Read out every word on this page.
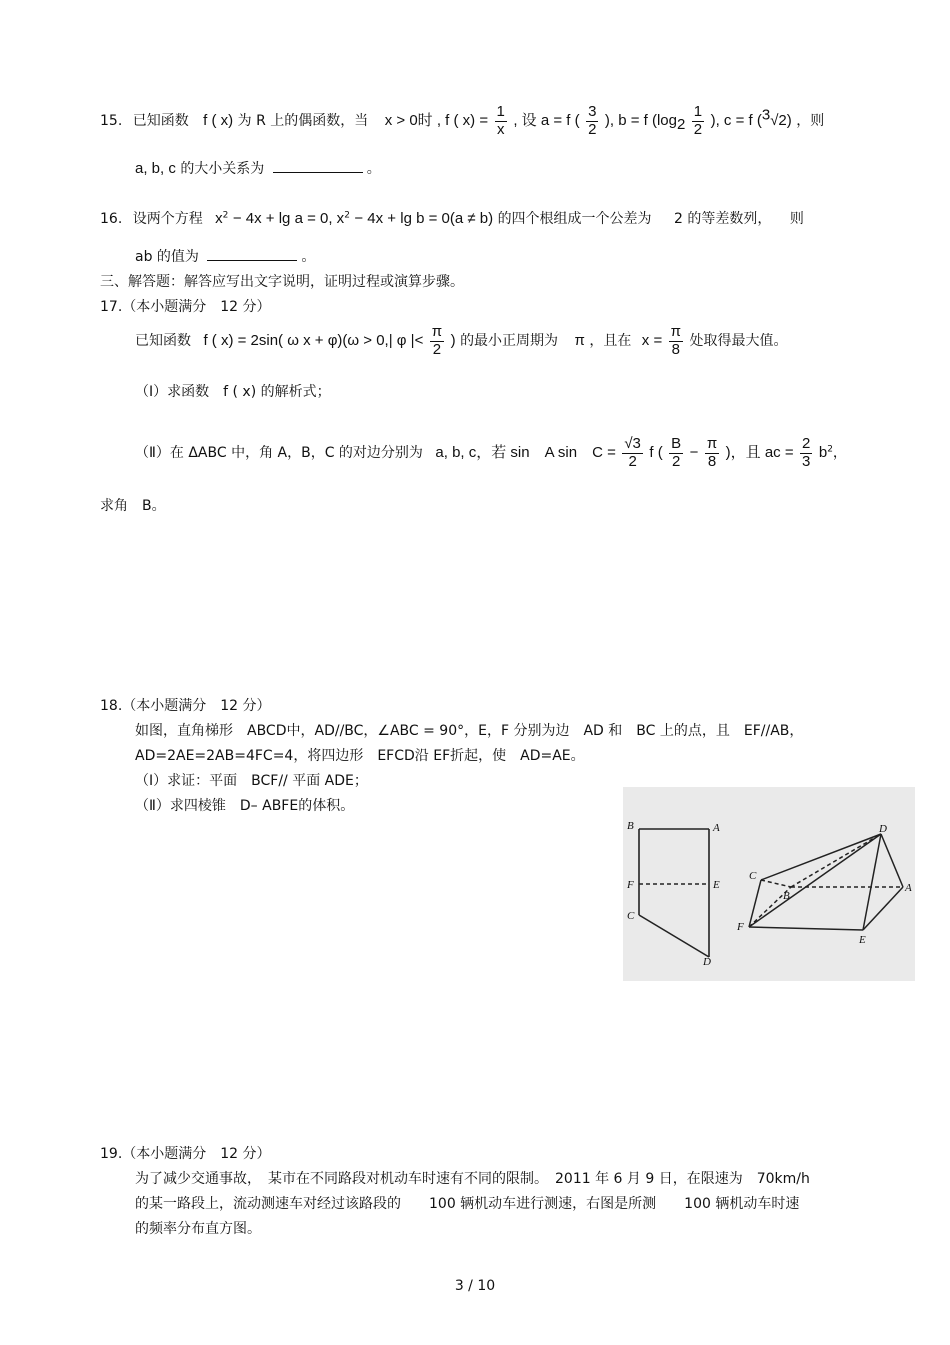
15. 已知函数 f ( x) 为 R 上的偶函数，当 x > 0时 , f ( $x) = \frac{1}{x}$ , 设 a = f ( $\frac{3}{2}$ ), b = f ($\log_2 \frac{1}{2}$ ), c = f ($^3$√2) ，则
a, b, c 的大小关系为	。
16. 设两个方程 $x^2 - 4x + \lg a = 0$, $x^2 - 4x + \lg b = 0(a \ne b)$ 的四个根组成一个公差为 2 的等差数列， 则
ab 的值为	。
三、解答题：解答应写出文字说明，证明过程或演算步骤。
17.（本小题满分　12 分）
已知函数 f ( x) = 2sin( ω x + φ)(ω > 0,| φ |< $\frac{\pi}{2}$ ) 的最小正周期为 π ，且在 $x = \frac{\pi}{8}$ 处取得最大值。
（Ⅰ）求函数　f ( x) 的解析式；
（Ⅱ）在 ΔABC 中，角 A，B，C 的对边分别为 a, b, c，若 sin　A sin　$C = \frac{√3}{2}$ f ( $\frac{B}{2} - \frac{\pi}{8}$ )，且 ac = $\frac{2}{3} b^2$，
求角　B。
18.（本小题满分　12 分）
如图，直角梯形　ABCD中，AD//BC，∠ABC = 90°，E，F 分别为边　AD 和　BC 上的点，且　EF//AB，
AD=2AE=2AB=4FC=4，将四边形　EFCD沿 EF折起，使　AD=AE。
（Ⅰ）求证：平面　BCF// 平面 ADE；
（Ⅱ）求四棱锥　D– ABFE的体积。
B	A
F	E
C
D
D
C
B
A
F
E
19.（本小题满分　12 分）
为了减少交通事故，　某市在不同路段对机动车时速有不同的限制。　2011 年 6 月 9 日，在限速为　70km/h
的某一路段上，流动测速车对经过该路段的　　100 辆机动车进行测速，右图是所测　　100 辆机动车时速
的频率分布直方图。
3 / 10
